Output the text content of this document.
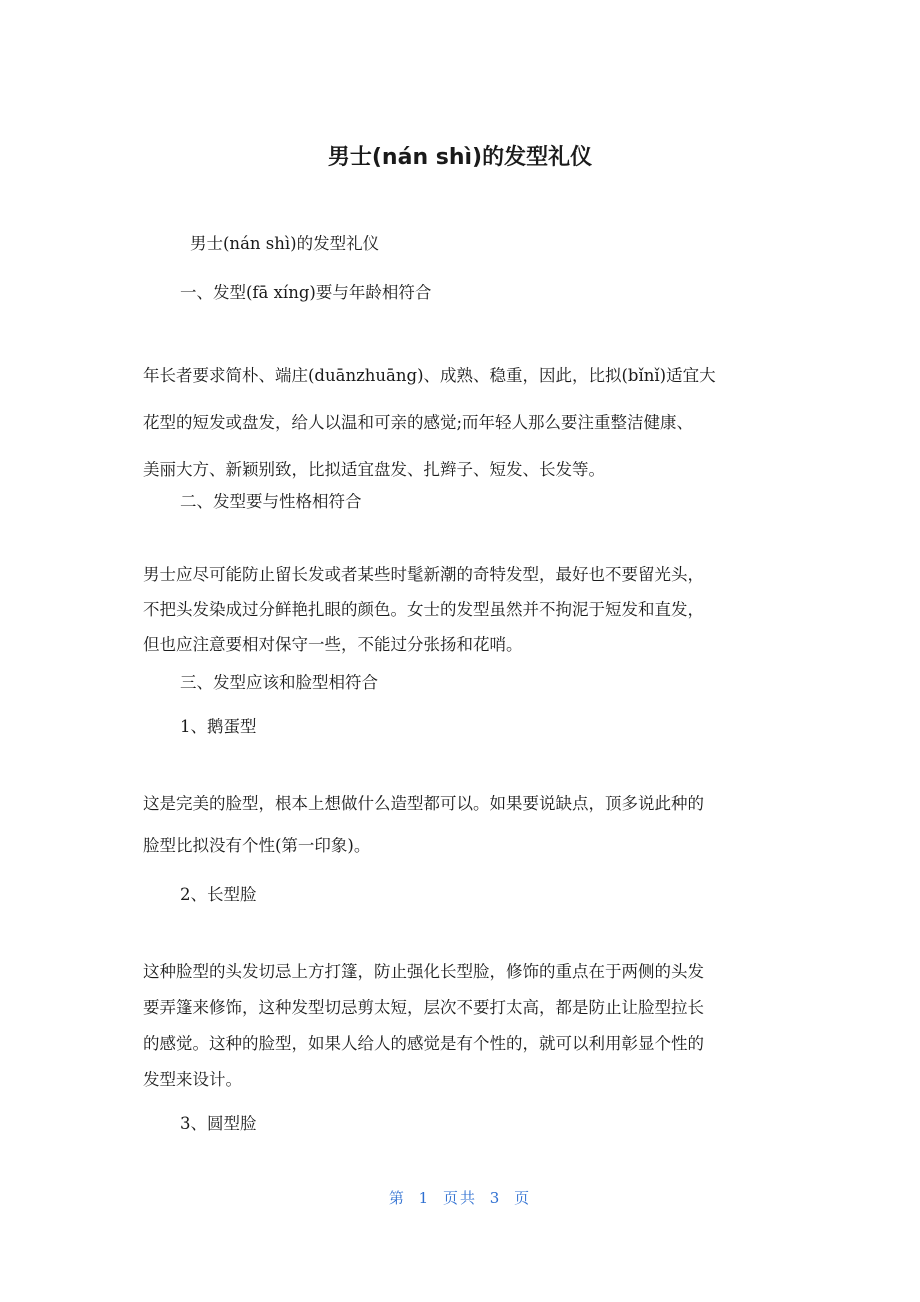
男士(nán shì)的发型礼仪

男士(nán shì)的发型礼仪

一、发型(fā xíng)要与年龄相符合

年长者要求简朴、端庄(duānzhuāng)、成熟、稳重，因此，比拟(bǐnǐ)适宜大
花型的短发或盘发，给人以温和可亲的感觉;而年轻人那么要注重整洁健康、
美丽大方、新颖别致，比拟适宜盘发、扎辫子、短发、长发等。

二、发型要与性格相符合

男士应尽可能防止留长发或者某些时髦新潮的奇特发型，最好也不要留光头，
不把头发染成过分鲜艳扎眼的颜色。女士的发型虽然并不拘泥于短发和直发，
但也应注意要相对保守一些，不能过分张扬和花哨。

三、发型应该和脸型相符合

1、鹅蛋型

这是完美的脸型，根本上想做什么造型都可以。如果要说缺点，顶多说此种的
脸型比拟没有个性(第一印象)。

2、长型脸

这种脸型的头发切忌上方打篷，防止强化长型脸，修饰的重点在于两侧的头发
要弄篷来修饰，这种发型切忌剪太短，层次不要打太高，都是防止让脸型拉长
的感觉。这种的脸型，如果人给人的感觉是有个性的，就可以利用彰显个性的
发型来设计。

3、圆型脸

第 1 页共 3 页
